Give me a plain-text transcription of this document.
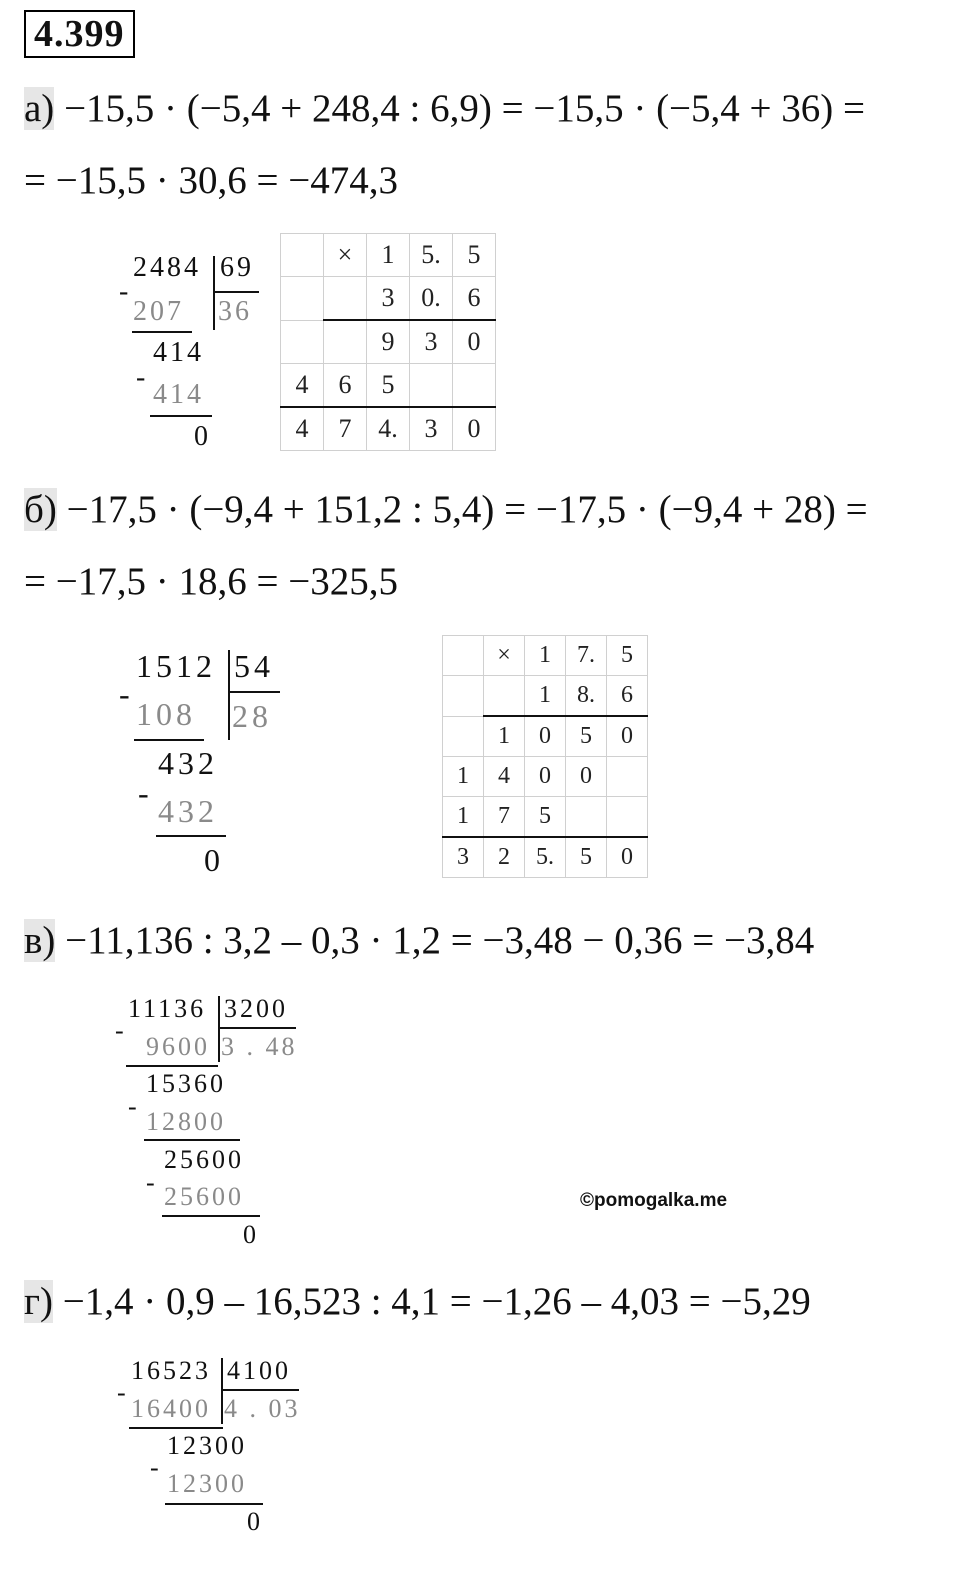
4.399
а) −15,5 · (−5,4 + 248,4 : 6,9) = −15,5 · (−5,4 + 36) =
= −15,5 · 30,6 = −474,3
2484 69
36
-
207
414
-
414
0
	×	1	5.	5
		3	0.	6
		9	3	0
4	6	5		
4	7	4.	3	0
б) −17,5 · (−9,4 + 151,2 : 5,4) = −17,5 · (−9,4 + 28) =
= −17,5 · 18,6 = −325,5
1512 54
28
-
108
432
- 432
0
	×	1	7.	5
		1	8.	6
	1	0	5	0
1	4	0	0	
1	7	5		
3	2	5.	5	0
в) −11,136 : 3,2 – 0,3 · 1,2 = −3,48 − 0,36 = −3,84
11136 3200
3 . 48
-
9600
15360
-
12800
25600
- 25600
0
©pomogalka.me
г) −1,4 · 0,9 – 16,523 : 4,1 = −1,26 – 4,03 = −5,29
16523 4100
4 . 03
-
16400
12300
-
12300
0
